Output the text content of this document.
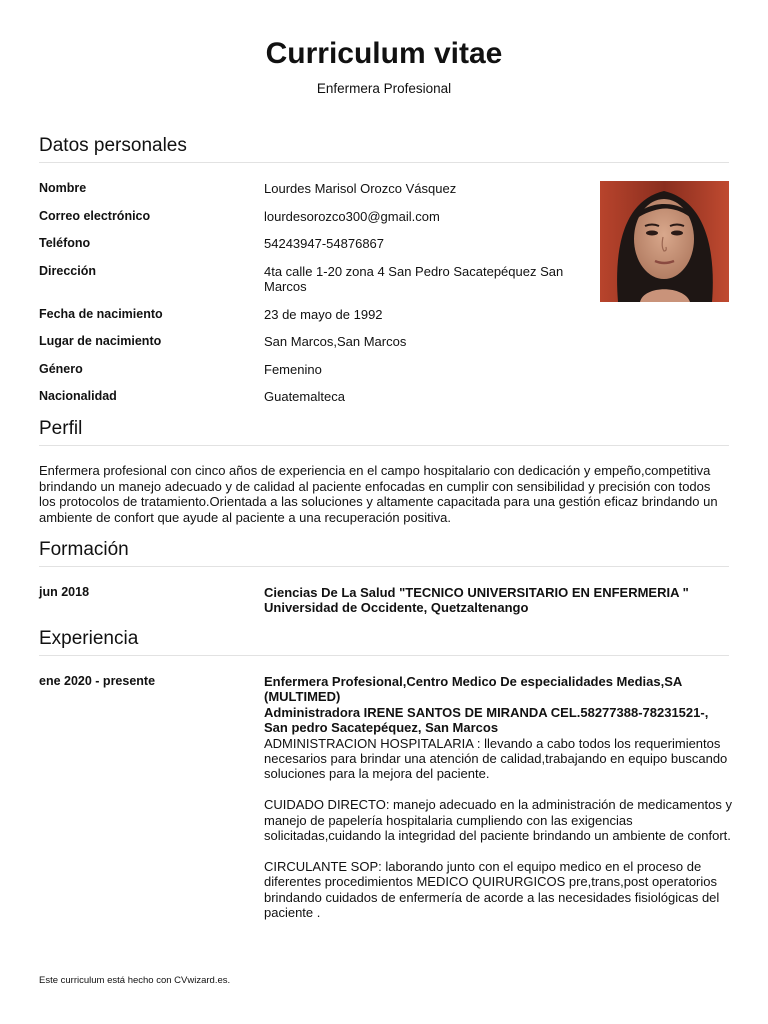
Curriculum vitae
Enfermera Profesional
Datos personales
Nombre	Lourdes Marisol Orozco Vásquez
Correo electrónico	lourdesorozco300@gmail.com
Teléfono	54243947-54876867
Dirección	4ta calle 1-20 zona 4 San Pedro Sacatepéquez San Marcos
Fecha de nacimiento	23 de mayo de 1992
Lugar de nacimiento	San Marcos,San Marcos
Género	Femenino
Nacionalidad	Guatemalteca
Perfil
Enfermera profesional con cinco años de experiencia en el campo hospitalario con dedicación y empeño,competitiva brindando un manejo adecuado y de calidad al paciente enfocadas en cumplir con sensibilidad y precisión con todos los protocolos de tratamiento.Orientada a las soluciones y altamente capacitada para una gestión eficaz brindando un ambiente de confort que ayude al paciente a una recuperación positiva.
Formación
jun 2018	Ciencias De La Salud "TECNICO UNIVERSITARIO EN ENFERMERIA "

Universidad de Occidente, Quetzaltenango

Experiencia
ene 2020 - presente	Enfermera Profesional,Centro Medico De especialidades Medias,SA (MULTIMED)

Administradora IRENE SANTOS DE MIRANDA CEL.58277388-78231521-, San pedro Sacatepéquez, San Marcos

ADMINISTRACION HOSPITALARIA : llevando a cabo todos los requerimientos necesarios para brindar una atención de calidad,trabajando en equipo buscando soluciones para la mejora del paciente.

CUIDADO DIRECTO: manejo adecuado en la administración de medicamentos y manejo de papelería hospitalaria cumpliendo con las exigencias solicitadas,cuidando la integridad del paciente brindando un ambiente de confort.

CIRCULANTE SOP: laborando junto con el equipo medico en el proceso de diferentes procedimientos MEDICO QUIRURGICOS pre,trans,post operatorios brindando cuidados de enfermería de acorde a las necesidades fisiológicas del paciente .

Este curriculum está hecho con CVwizard.es.
